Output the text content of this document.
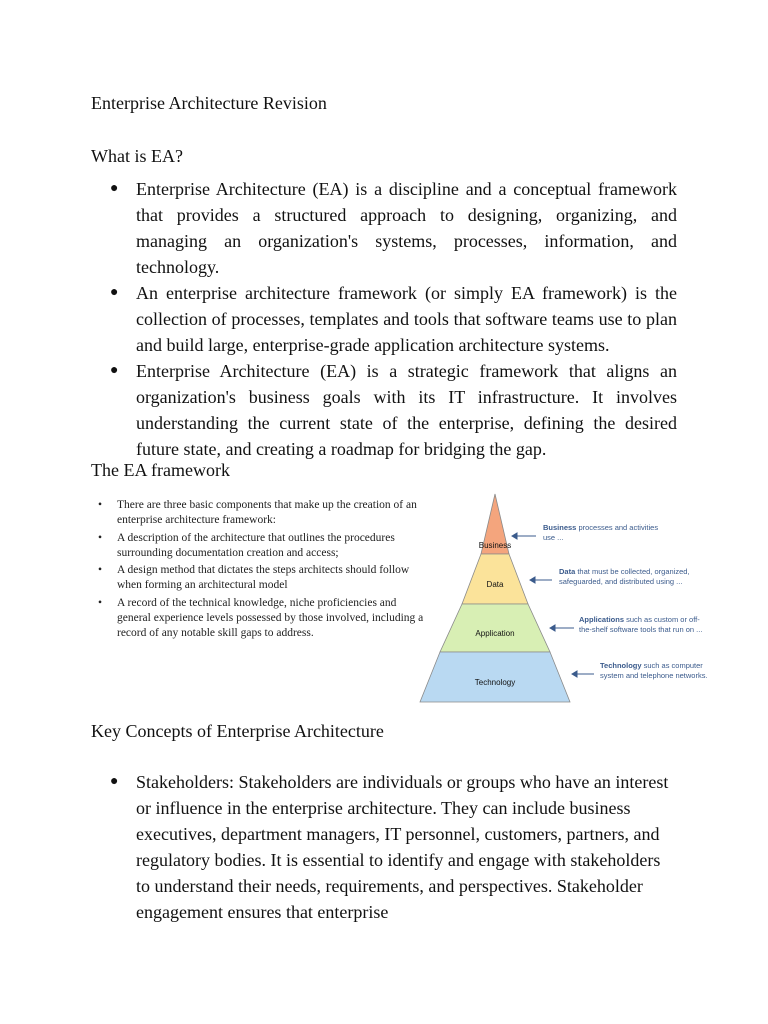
Enterprise Architecture Revision
What is EA?
● Enterprise Architecture (EA) is a discipline and a conceptual framework that provides a structured approach to designing, organizing, and managing an organization's systems, processes, information, and technology.
● An enterprise architecture framework (or simply EA framework) is the collection of processes, templates and tools that software teams use to plan and build large, enterprise-grade application architecture systems.
● Enterprise Architecture (EA) is a strategic framework that aligns an organization's business goals with its IT infrastructure. It involves understanding the current state of the enterprise, defining the desired future state, and creating a roadmap for bridging the gap.
The EA framework
• There are three basic components that make up the creation of an enterprise architecture framework:
• A description of the architecture that outlines the procedures surrounding documentation creation and access;
• A design method that dictates the steps architects should follow when forming an architectural model
• A record of the technical knowledge, niche proficiencies and general experience levels possessed by those involved, including a record of any notable skill gaps to address.
Business
Data
Application
Technology
Business processes and activities use ...
Data that must be collected, organized, safeguarded, and distributed using ...
Applications such as custom or off- the-shelf software tools that run on ...
Technology such as computer system and telephone networks.
Key Concepts of Enterprise Architecture
● Stakeholders: Stakeholders are individuals or groups who have an interest or influence in the enterprise architecture. They can include business executives, department managers, IT personnel, customers, partners, and regulatory bodies. It is essential to identify and engage with stakeholders to understand their needs, requirements, and perspectives. Stakeholder engagement ensures that enterprise
